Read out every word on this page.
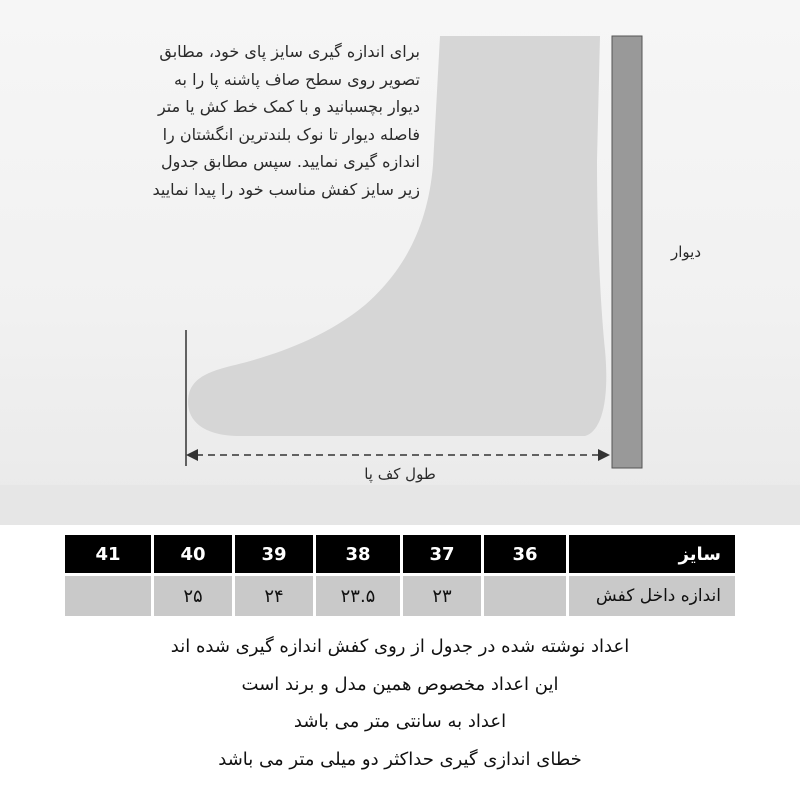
برای اندازه گیری سایز پای خود، مطابق تصویر روی سطح صاف پاشنه پا را به دیوار بچسبانید و با کمک خط کش یا متر فاصله دیوار تا نوک بلندترین انگشتان را اندازه گیری نمایید. سپس مطابق جدول زیر سایز کفش مناسب خود را پیدا نمایید
دیوار
طول کف پا
41	40	39	38	37	36	سایز
	۲۵	۲۴	۲۳.۵	۲۳		اندازه داخل کفش
اعداد نوشته شده در جدول از روی کفش اندازه گیری شده اند
این اعداد مخصوص همین مدل و برند است
اعداد به سانتی متر می باشد
خطای اندازی گیری حداکثر دو میلی متر می باشد
